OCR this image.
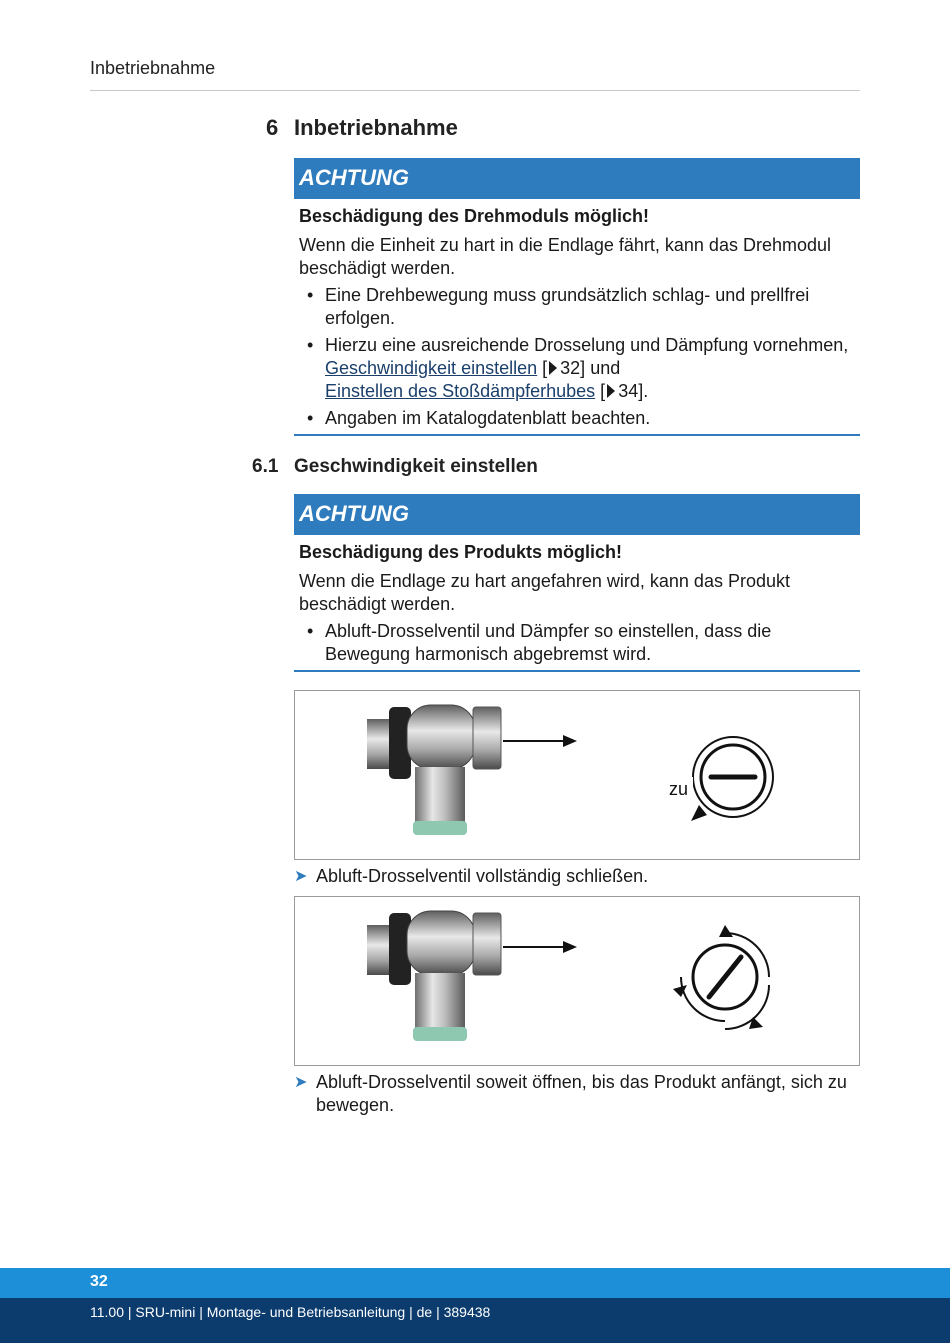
Inbetriebnahme
6 Inbetriebnahme
ACHTUNG
Beschädigung des Drehmoduls möglich!
Wenn die Einheit zu hart in die Endlage fährt, kann das Drehmodul beschädigt werden.
• Eine Drehbewegung muss grundsätzlich schlag- und prellfrei erfolgen.
• Hierzu eine ausreichende Drosselung und Dämpfung vornehmen, Geschwindigkeit einstellen [ 32] und
Einstellen des Stoßdämpferhubes [ 34].
• Angaben im Katalogdatenblatt beachten.
6.1 Geschwindigkeit einstellen
ACHTUNG
Beschädigung des Produkts möglich!
Wenn die Endlage zu hart angefahren wird, kann das Produkt beschädigt werden.
• Abluft-Drosselventil und Dämpfer so einstellen, dass die Bewegung harmonisch abgebremst wird.
zu
➤ Abluft-Drosselventil vollständig schließen.
➤ Abluft-Drosselventil soweit öffnen, bis das Produkt anfängt, sich zu bewegen.
32
11.00 | SRU-mini | Montage- und Betriebsanleitung | de | 389438
